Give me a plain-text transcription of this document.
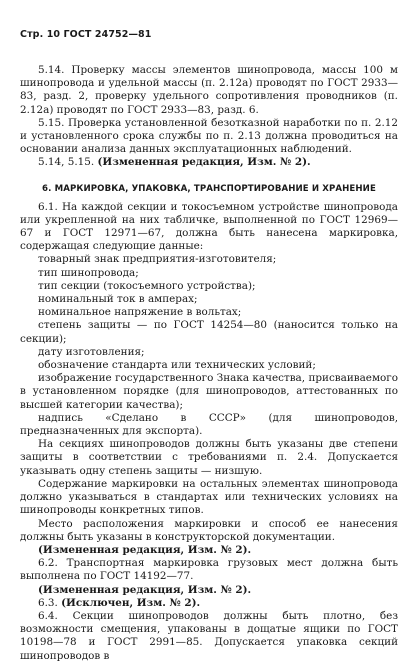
Стр. 10 ГОСТ 24752—81

5.14. Проверку массы элементов шинопровода, массы 100 м шинопровода и удельной массы (п. 2.12а) проводят по ГОСТ 2933—83, разд. 2, проверку удельного сопротивления проводников (п. 2.12а) проводят по ГОСТ 2933—83, разд. 6.

5.15. Проверка установленной безотказной наработки по п. 2.12 и установленного срока службы по п. 2.13 должна проводиться на основании анализа данных эксплуатационных наблюдений.

5.14, 5.15. (Измененная редакция, Изм. № 2).

6. МАРКИРОВКА, УПАКОВКА, ТРАНСПОРТИРОВАНИЕ И ХРАНЕНИЕ

6.1. На каждой секции и токосъемном устройстве шинопровода или укрепленной на них табличке, выполненной по ГОСТ 12969—67 и ГОСТ 12971—67, должна быть нанесена маркировка, содержащая следующие данные:

товарный знак предприятия-изготовителя;

тип шинопровода;

тип секции (токосъемного устройства);

номинальный ток в амперах;

номинальное напряжение в вольтах;

степень защиты — по ГОСТ 14254—80 (наносится только на секции);

дату изготовления;

обозначение стандарта или технических условий;

изображение государственного Знака качества, присваиваемого в установленном порядке (для шинопроводов, аттестованных по высшей категории качества);

надпись «Сделано в СССР» (для шинопроводов, предназначенных для экспорта).

На секциях шинопроводов должны быть указаны две степени защиты в соответствии с требованиями п. 2.4. Допускается указывать одну степень защиты — низшую.

Содержание маркировки на остальных элементах шинопровода должно указываться в стандартах или технических условиях на шинопроводы конкретных типов.

Место расположения маркировки и способ ее нанесения должны быть указаны в конструкторской документации.

(Измененная редакция, Изм. № 2).

6.2. Транспортная маркировка грузовых мест должна быть выполнена по ГОСТ 14192—77.

(Измененная редакция, Изм. № 2).

6.3. (Исключен, Изм. № 2).

6.4. Секции шинопроводов должны быть плотно, без возможности смещения, упакованы в дощатые ящики по ГОСТ 10198—78 и ГОСТ 2991—85. Допускается упаковка секций шинопроводов в
